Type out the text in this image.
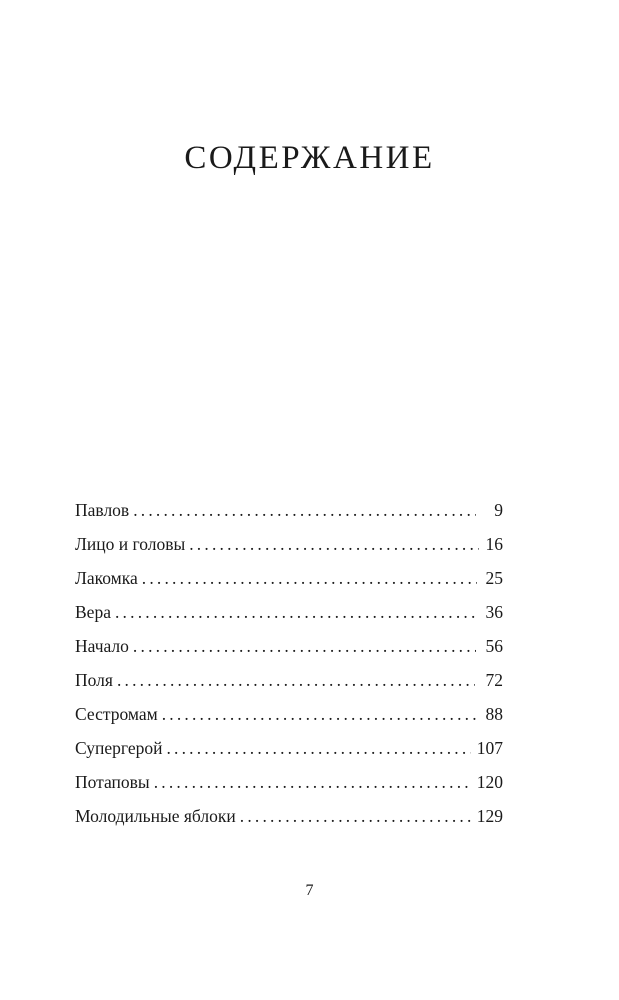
СОДЕРЖАНИЕ
Павлов .....	9
Лицо и головы .....	16
Лакомка .....	25
Вера .....	36
Начало .....	56
Поля .....	72
Сестромам .....	88
Супергерой .....	107
Потаповы .....	120
Молодильные яблоки .....	129
7
